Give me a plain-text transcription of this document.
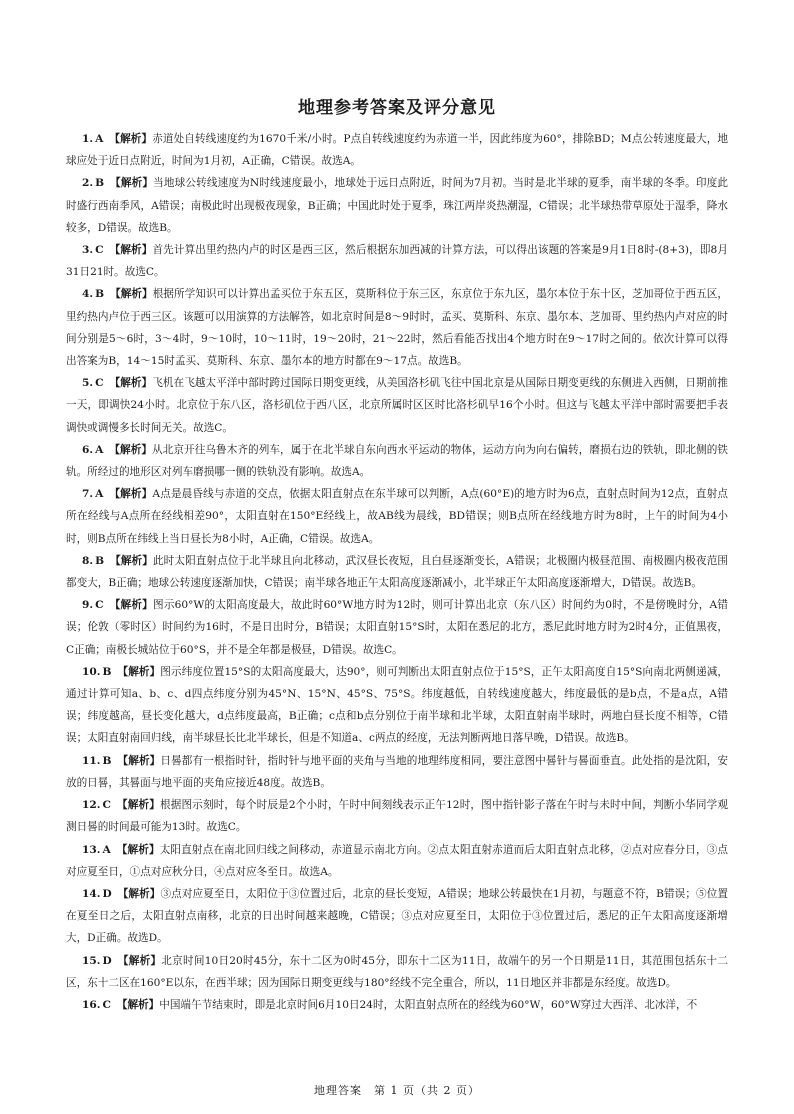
地理参考答案及评分意见

1. A 【解析】赤道处自转线速度约为1670千米/小时。P点自转线速度约为赤道一半，因此纬度为60°，排除BD；M点公转速度最大，地球应处于近日点附近，时间为1月初，A正确，C错误。故选A。

2. B 【解析】当地球公转线速度为N时线速度最小，地球处于远日点附近，时间为7月初。当时是北半球的夏季，南半球的冬季。印度此时盛行西南季风，A错误；南极此时出现极夜现象，B正确；中国此时处于夏季，珠江两岸炎热潮湿，C错误；北半球热带草原处于湿季，降水较多，D错误。故选B。

3. C 【解析】首先计算出里约热内卢的时区是西三区，然后根据东加西减的计算方法，可以得出该题的答案是9月1日8时-(8+3)，即8月31日21时。故选C。

4. B 【解析】根据所学知识可以计算出孟买位于东五区，莫斯科位于东三区，东京位于东九区，墨尔本位于东十区，芝加哥位于西五区，里约热内卢位于西三区。该题可以用演算的方法解答，如北京时间是8～9时时，孟买、莫斯科、东京、墨尔本、芝加哥、里约热内卢对应的时间分别是5～6时，3～4时，9～10时，10～11时，19～20时，21～22时，然后看能否找出4个地方时在9～17时之间的。依次计算可以得出答案为B，14～15时孟买、莫斯科、东京、墨尔本的地方时都在9～17点。故选B。

5. C 【解析】飞机在飞越太平洋中部时跨过国际日期变更线，从美国洛杉矶飞往中国北京是从国际日期变更线的东侧进入西侧，日期前推一天，即调快24小时。北京位于东八区，洛杉矶位于西八区，北京所属时区区时比洛杉矶早16个小时。但这与飞越太平洋中部时需要把手表调快或调慢多长时间无关。故选C。

6. A 【解析】从北京开往乌鲁木齐的列车，属于在北半球自东向西水平运动的物体，运动方向为向右偏转，磨损右边的铁轨，即北侧的铁轨。所经过的地形区对列车磨损哪一侧的铁轨没有影响。故选A。

7. A 【解析】A点是晨昏线与赤道的交点，依据太阳直射点在东半球可以判断，A点(60°E)的地方时为6点，直射点时间为12点，直射点所在经线与A点所在经线相差90°，太阳直射在150°E经线上，故AB线为晨线，BD错误；则B点所在经线地方时为8时，上午的时间为4小时，则B点所在纬线上当日昼长为8小时，A正确，C错误。故选A。

8. B 【解析】此时太阳直射点位于北半球且向北移动，武汉昼长夜短，且白昼逐渐变长，A错误；北极圈内极昼范围、南极圈内极夜范围都变大，B正确；地球公转速度逐渐加快，C错误；南半球各地正午太阳高度逐渐减小，北半球正午太阳高度逐渐增大，D错误。故选B。

9. C 【解析】图示60°W的太阳高度最大，故此时60°W地方时为12时，则可计算出北京（东八区）时间约为0时，不是傍晚时分，A错误；伦敦（零时区）时间约为16时，不是日出时分，B错误；太阳直射15°S时，太阳在悉尼的北方，悉尼此时地方时为2时4分，正值黑夜，C正确；南极长城站位于60°S，并不是全年都是极昼，D错误。故选C。

10. B 【解析】图示纬度位置15°S的太阳高度最大，达90°，则可判断出太阳直射点位于15°S，正午太阳高度自15°S向南北两侧递减，通过计算可知a、b、c、d四点纬度分别为45°N、15°N、45°S、75°S。纬度越低，自转线速度越大，纬度最低的是b点，不是a点，A错误；纬度越高，昼长变化越大，d点纬度最高，B正确；c点和b点分别位于南半球和北半球，太阳直射南半球时，两地白昼长度不相等，C错误；太阳直射南回归线，南半球昼长比北半球长，但是不知道a、c两点的经度，无法判断两地日落早晚，D错误。故选B。

11. B 【解析】日晷都有一根指时针，指时针与地平面的夹角与当地的地理纬度相同，要注意图中晷针与晷面垂直。此处指的是沈阳，安放的日晷，其晷面与地平面的夹角应接近48度。故选B。

12. C 【解析】根据图示刻时，每个时辰是2个小时，午时中间刻线表示正午12时，图中指针影子落在午时与未时中间，判断小华同学观测日晷的时间最可能为13时。故选C。

13. A 【解析】太阳直射点在南北回归线之间移动，赤道显示南北方向。②点太阳直射赤道而后太阳直射点北移，②点对应春分日，③点对应夏至日，①点对应秋分日，④点对应冬至日。故选A。

14. D 【解析】③点对应夏至日，太阳位于③位置过后，北京的昼长变短，A错误；地球公转最快在1月初，与题意不符，B错误；⑤位置在夏至日之后，太阳直射点南移，北京的日出时间越来越晚，C错误；③点对应夏至日，太阳位于③位置过后，悉尼的正午太阳高度逐渐增大，D正确。故选D。

15. D 【解析】北京时间10日20时45分，东十二区为0时45分，即东十二区为11日，故端午的另一个日期是11日，其范围包括东十二区，东十二区在160°E以东，在西半球；因为国际日期变更线与180°经线不完全重合，所以，11日地区并非都是东经度。故选D。

16. C 【解析】中国端午节结束时，即是北京时间6月10日24时，太阳直射点所在的经线为60°W，60°W穿过大西洋、北冰洋，不

地理答案　第 1 页（共 2 页）
